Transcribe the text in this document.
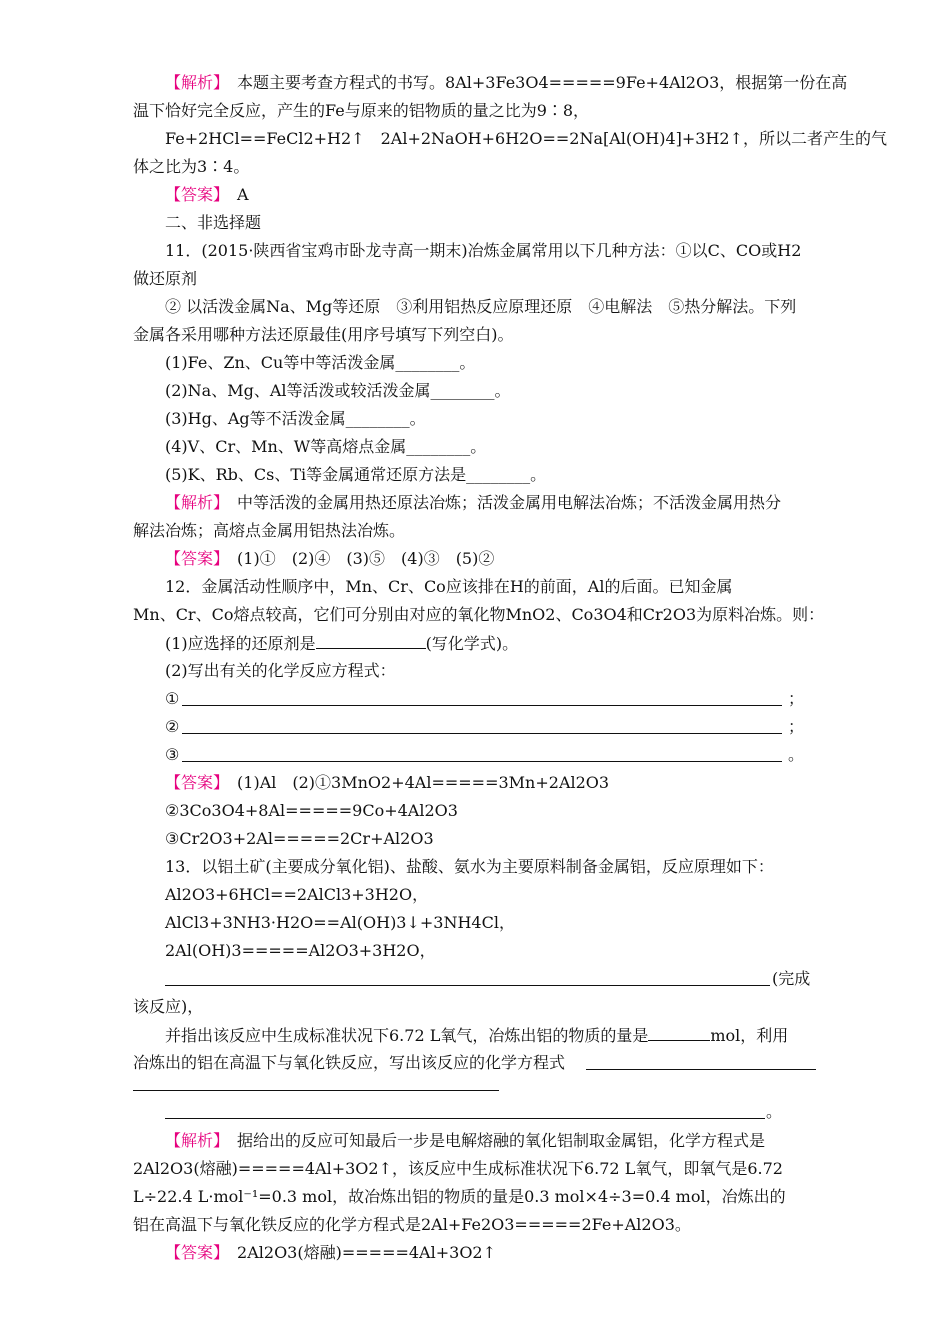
【解析】　 本题主要考查方程式的书写。8Al+3Fe3O4=====9Fe+4Al2O3，根据第一份在高
温下恰好完全反应，产生的Fe与原来的铝物质的量之比为9∶8，
Fe+2HCl==FeCl2+H2↑　2Al+2NaOH+6H2O==2Na[Al(OH)4]+3H2↑，所以二者产生的气
体之比为3∶4。
【答案】　 A
二、非选择题
11．(2015·陕西省宝鸡市卧龙寺高一期末)冶炼金属常用以下几种方法：①以C、CO或H2
做还原剂
② 以活泼金属Na、Mg等还原　③利用铝热反应原理还原　④电解法　⑤热分解法。下列
金属各采用哪种方法还原最佳(用序号填写下列空白)。
(1)Fe、Zn、Cu等中等活泼金属________。
(2)Na、Mg、Al等活泼或较活泼金属________。
(3)Hg、Ag等不活泼金属________。
(4)V、Cr、Mn、W等高熔点金属________。
(5)K、Rb、Cs、Ti等金属通常还原方法是________。
【解析】　 中等活泼的金属用热还原法冶炼；活泼金属用电解法冶炼；不活泼金属用热分
解法冶炼；高熔点金属用铝热法冶炼。
【答案】　 (1)①　(2)④　(3)⑤　(4)③　(5)②
12．金属活动性顺序中，Mn、Cr、Co应该排在H的前面，Al的后面。已知金属
Mn、Cr、Co熔点较高，它们可分别由对应的氧化物MnO2、Co3O4和Cr2O3为原料冶炼。则：
(1)应选择的还原剂是	(写化学式)。
(2)写出有关的化学反应方程式：
①	；
②	；
③	。
【答案】　 (1)Al　(2)①3MnO2+4Al=====3Mn+2Al2O3
②3Co3O4+8Al=====9Co+4Al2O3
③Cr2O3+2Al=====2Cr+Al2O3
13．以铝土矿(主要成分氧化铝)、盐酸、氨水为主要原料制备金属铝，反应原理如下：
Al2O3+6HCl==2AlCl3+3H2O，
AlCl3+3NH3·H2O==Al(OH)3↓+3NH4Cl，
2Al(OH)3=====Al2O3+3H2O，
(完成
该反应)，
并指出该反应中生成标准状况下6.72 L氧气，冶炼出铝的物质的量是	mol，利用
冶炼出的铝在高温下与氧化铁反应，写出该反应的化学方程式
。
【解析】　 据给出的反应可知最后一步是电解熔融的氧化铝制取金属铝，化学方程式是
2Al2O3(熔融)=====4Al+3O2↑，该反应中生成标准状况下6.72 L氧气，即氧气是6.72
L÷22.4 L·mol⁻¹=0.3 mol，故冶炼出铝的物质的量是0.3 mol×4÷3=0.4 mol，冶炼出的
铝在高温下与氧化铁反应的化学方程式是2Al+Fe2O3=====2Fe+Al2O3。
【答案】　 2Al2O3(熔融)=====4Al+3O2↑
